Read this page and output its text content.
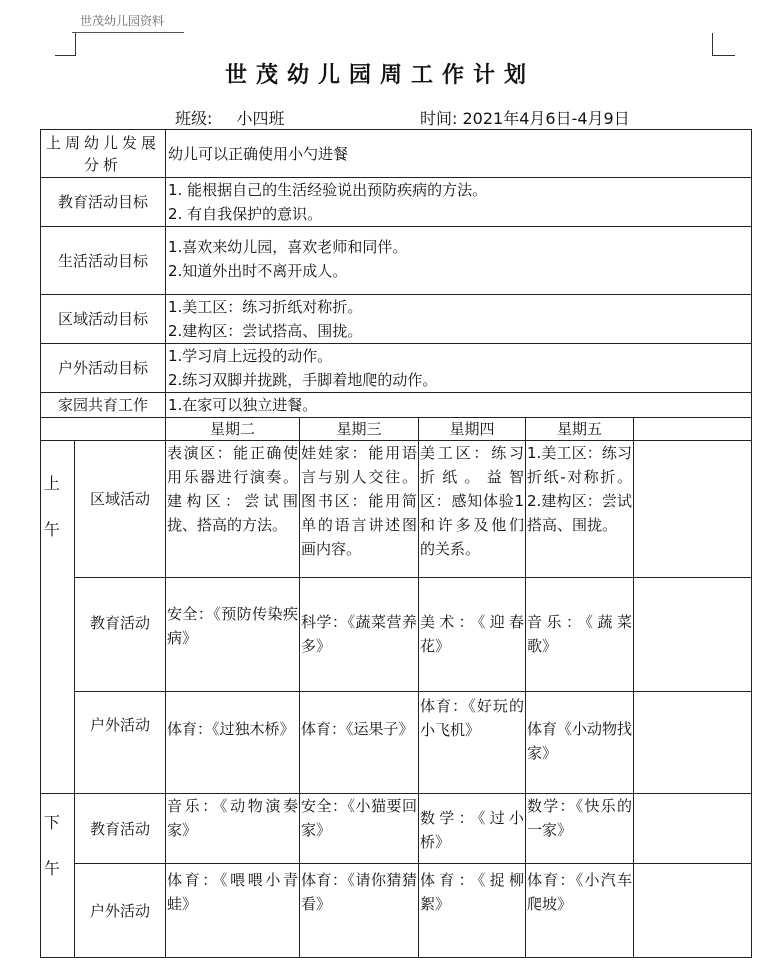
世茂幼儿园资料
世茂幼儿园周工作计划
班级: 小四班	时间: 2021年4月6日-4月9日
上周幼儿发展分析		幼儿可以正确使用小勺进餐				

教育活动目标		1. 能根据自己的生活经验说出预防疾病的方法。
2. 有自我保护的意识。				

生活活动目标		1.喜欢来幼儿园，喜欢老师和同伴。
2.知道外出时不离开成人。				

区域活动目标		1.美工区：练习折纸对称折。
2.建构区：尝试搭高、围拢。				

户外活动目标		1.学习肩上远投的动作。
2.练习双脚并拢跳，手脚着地爬的动作。				

家园共育工作		1.在家可以独立进餐。				

		星期二	星期三	星期四	星期五	

上午	区域活动	表演区：能正确使用乐器进行演奏。建构区：尝试围拢、搭高的方法。	娃娃家：能用语言与别人交往。图书区：能用简单的语言讲述图画内容。	美工区：练习折纸。益智区：感知体验1和许多及他们的关系。	1.美工区：练习折纸-对称折。2.建构区：尝试搭高、围拢。	
	教育活动	安全：《预防传染疾病》	科学：《蔬菜营养多》	美术：《迎春花》	音乐：《蔬菜歌》	
	户外活动	体育：《过独木桥》	体育：《运果子》	体育：《好玩的小飞机》	体育《小动物找家》	

下午	教育活动	音乐：《动物演奏家》	安全：《小猫要回家》	数学：《过小桥》	数学：《快乐的一家》	
	户外活动	体育：《喂喂小青蛙》	体育：《请你猜猜看》	体育：《捉柳絮》	体育：《小汽车爬坡》	
